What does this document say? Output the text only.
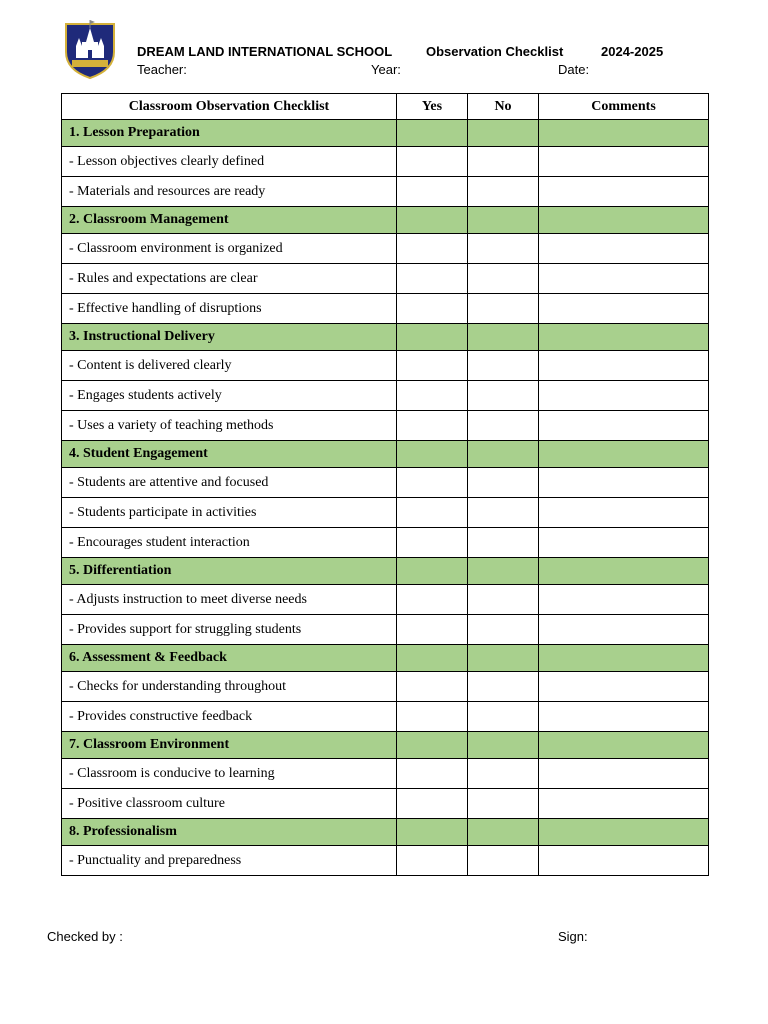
DREAM LAND INTERNATIONAL SCHOOL	Observation Checklist	2024-2025
Teacher:	Year:	Date:
Classroom Observation Checklist	Yes	No	Comments
1. Lesson Preparation			
- Lesson objectives clearly defined			
- Materials and resources are ready			
2. Classroom Management			
- Classroom environment is organized			
- Rules and expectations are clear			
- Effective handling of disruptions			
3. Instructional Delivery			
- Content is delivered clearly			
- Engages students actively			
- Uses a variety of teaching methods			
4. Student Engagement			
- Students are attentive and focused			
- Students participate in activities			
- Encourages student interaction			
5. Differentiation			
- Adjusts instruction to meet diverse needs			
- Provides support for struggling students			
6. Assessment & Feedback			
- Checks for understanding throughout			
- Provides constructive feedback			
7. Classroom Environment			
- Classroom is conducive to learning			
- Positive classroom culture			
8. Professionalism			
- Punctuality and preparedness			
Checked by :	Sign:
